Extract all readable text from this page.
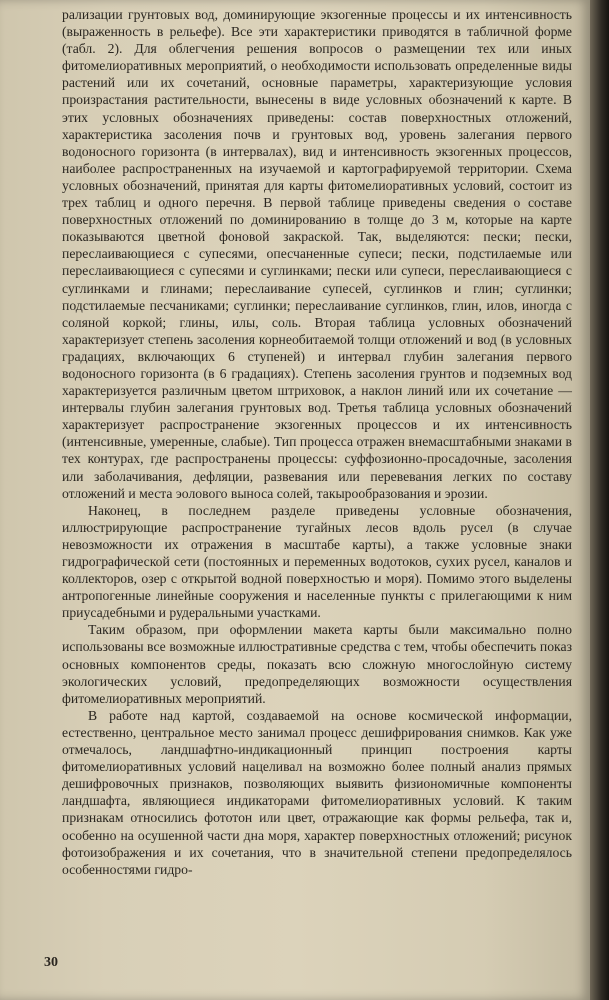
рализации грунтовых вод, доминирующие экзогенные процессы и их интенсивность (выраженность в рельефе). Все эти характеристики приводятся в табличной форме (табл. 2). Для облегчения решения вопросов о размещении тех или иных фитомелиоративных мероприятий, о необходимости использовать определенные виды растений или их сочетаний, основные параметры, характеризующие условия произрастания растительности, вынесены в виде условных обозначений к карте. В этих условных обозначениях приведены: состав поверхностных отложений, характеристика засоления почв и грунтовых вод, уровень залегания первого водоносного горизонта (в интервалах), вид и интенсивность экзогенных процессов, наиболее распространенных на изучаемой и картографируемой территории. Схема условных обозначений, принятая для карты фитомелиоративных условий, состоит из трех таблиц и одного перечня. В первой таблице приведены сведения о составе поверхностных отложений по доминированию в толще до 3 м, которые на карте показываются цветной фоновой закраской. Так, выделяются: пески; пески, переслаивающиеся с супесями, опесчаненные супеси; пески, подстилаемые или переслаивающиеся с супесями и суглинками; пески или супеси, переслаивающиеся с суглинками и глинами; переслаивание супесей, суглинков и глин; суглинки; подстилаемые песчаниками; суглинки; переслаивание суглинков, глин, илов, иногда с соляной коркой; глины, илы, соль. Вторая таблица условных обозначений характеризует степень засоления корнеобитаемой толщи отложений и вод (в условных градациях, включающих 6 ступеней) и интервал глубин залегания первого водоносного горизонта (в 6 градациях). Степень засоления грунтов и подземных вод характеризуется различным цветом штриховок, а наклон линий или их сочетание — интервалы глубин залегания грунтовых вод. Третья таблица условных обозначений характеризует распространение экзогенных процессов и их интенсивность (интенсивные, умеренные, слабые). Тип процесса отражен внемасштабными знаками в тех контурах, где распространены процессы: суффозионно-просадочные, засоления или заболачивания, дефляции, развевания или перевевания легких по составу отложений и места эолового выноса солей, такырообразования и эрозии.

Наконец, в последнем разделе приведены условные обозначения, иллюстрирующие распространение тугайных лесов вдоль русел (в случае невозможности их отражения в масштабе карты), а также условные знаки гидрографической сети (постоянных и переменных водотоков, сухих русел, каналов и коллекторов, озер с открытой водной поверхностью и моря). Помимо этого выделены антропогенные линейные сооружения и населенные пункты с прилегающими к ним приусадебными и рудеральными участками.

Таким образом, при оформлении макета карты были максимально полно использованы все возможные иллюстративные средства с тем, чтобы обеспечить показ основных компонентов среды, показать всю сложную многослойную систему экологических условий, предопределяющих возможности осуществления фитомелиоративных мероприятий.

В работе над картой, создаваемой на основе космической информации, естественно, центральное место занимал процесс дешифрирования снимков. Как уже отмечалось, ландшафтно-индикационный принцип построения карты фитомелиоративных условий нацеливал на возможно более полный анализ прямых дешифровочных признаков, позволяющих выявить физиономичные компоненты ландшафта, являющиеся индикаторами фитомелиоративных условий. К таким признакам относились фототон или цвет, отражающие как формы рельефа, так и, особенно на осушенной части дна моря, характер поверхностных отложений; рисунок фотоизображения и их сочетания, что в значительной степени предопределялось особенностями гидро-

30
